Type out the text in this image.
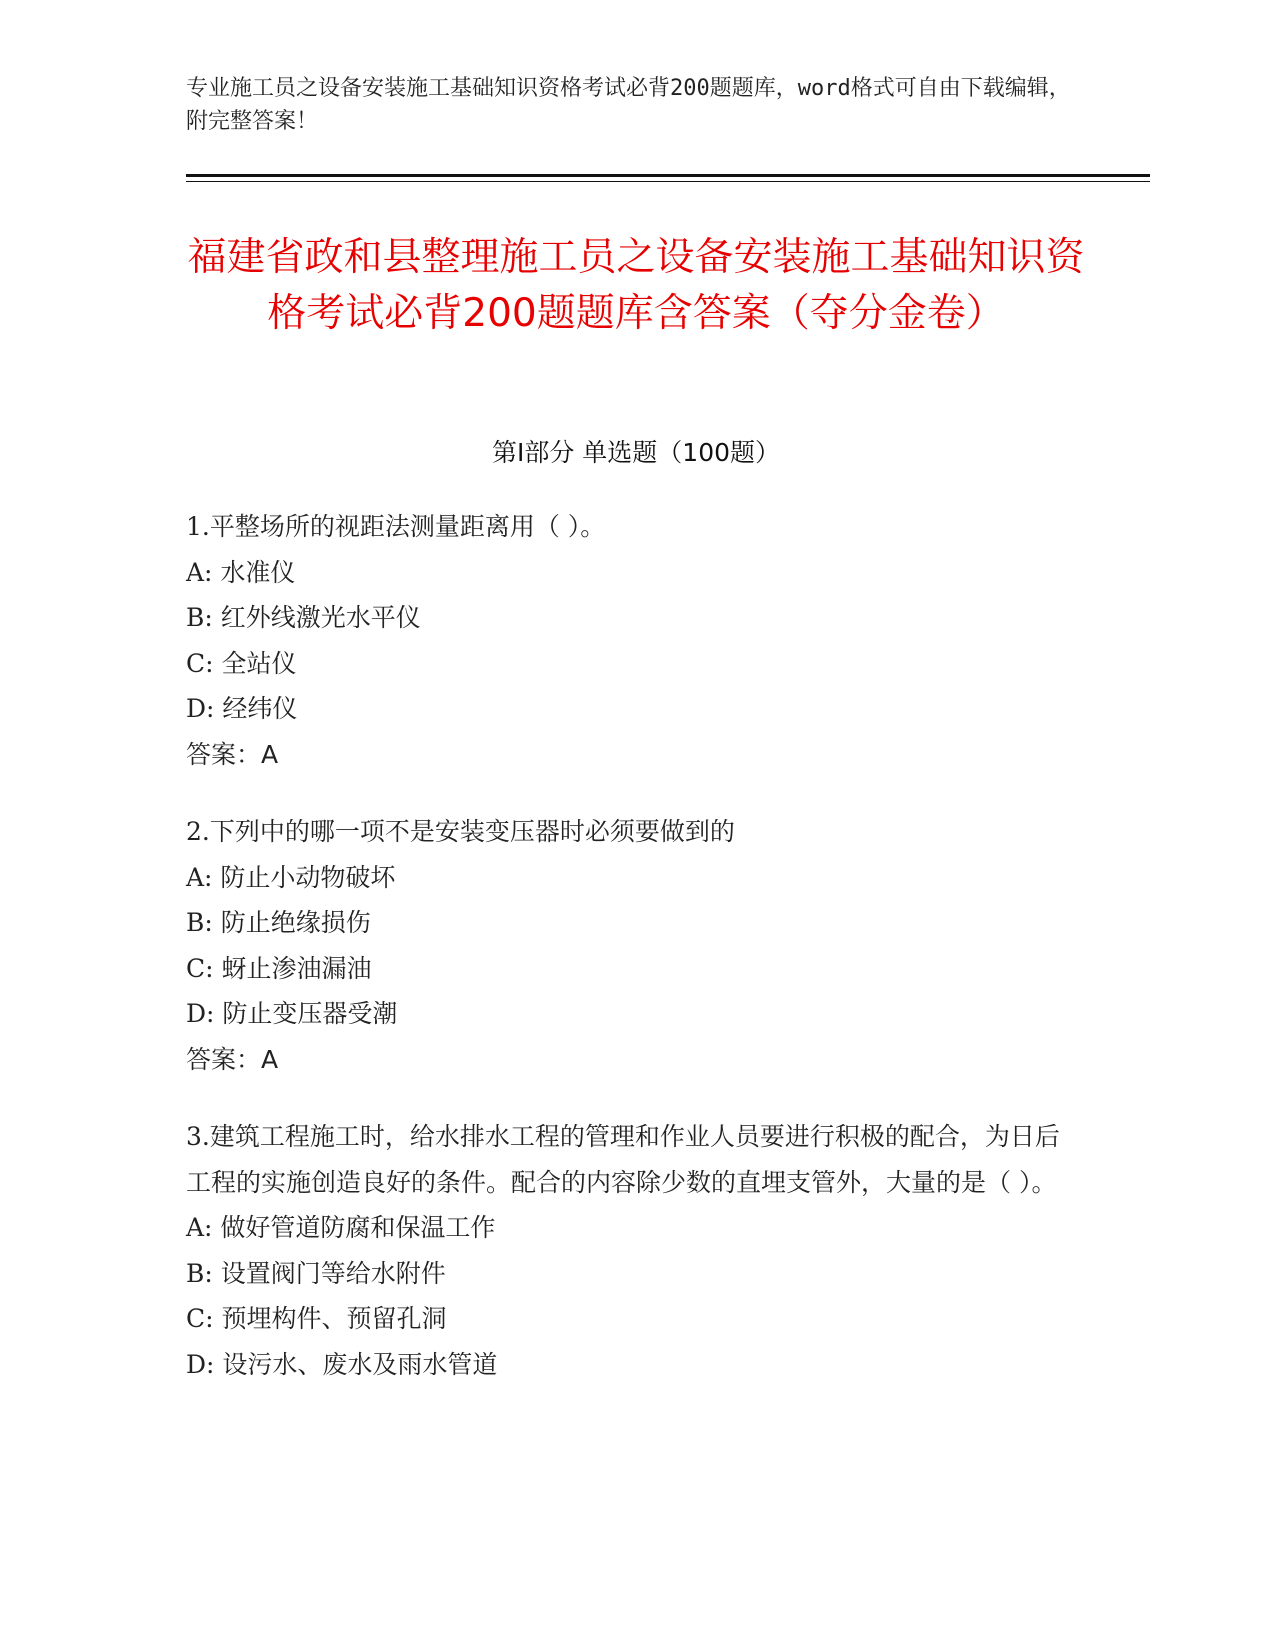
专业施工员之设备安装施工基础知识资格考试必背200题题库，word格式可自由下载编辑，附完整答案！
福建省政和县整理施工员之设备安装施工基础知识资格考试必背200题题库含答案（夺分金卷）
第I部分 单选题（100题）
1.平整场所的视距法测量距离用（ ）。
A: 水准仪
B: 红外线激光水平仪
C: 全站仪
D: 经纬仪
答案：A
2.下列中的哪一项不是安装变压器时必须要做到的
A: 防止小动物破坏
B: 防止绝缘损伤
C: 蚜止渗油漏油
D: 防止变压器受潮
答案：A
3.建筑工程施工时，给水排水工程的管理和作业人员要进行积极的配合，为日后工程的实施创造良好的条件。配合的内容除少数的直埋支管外，大量的是（ ）。
A: 做好管道防腐和保温工作
B: 设置阀门等给水附件
C: 预埋构件、预留孔洞
D: 设污水、废水及雨水管道
